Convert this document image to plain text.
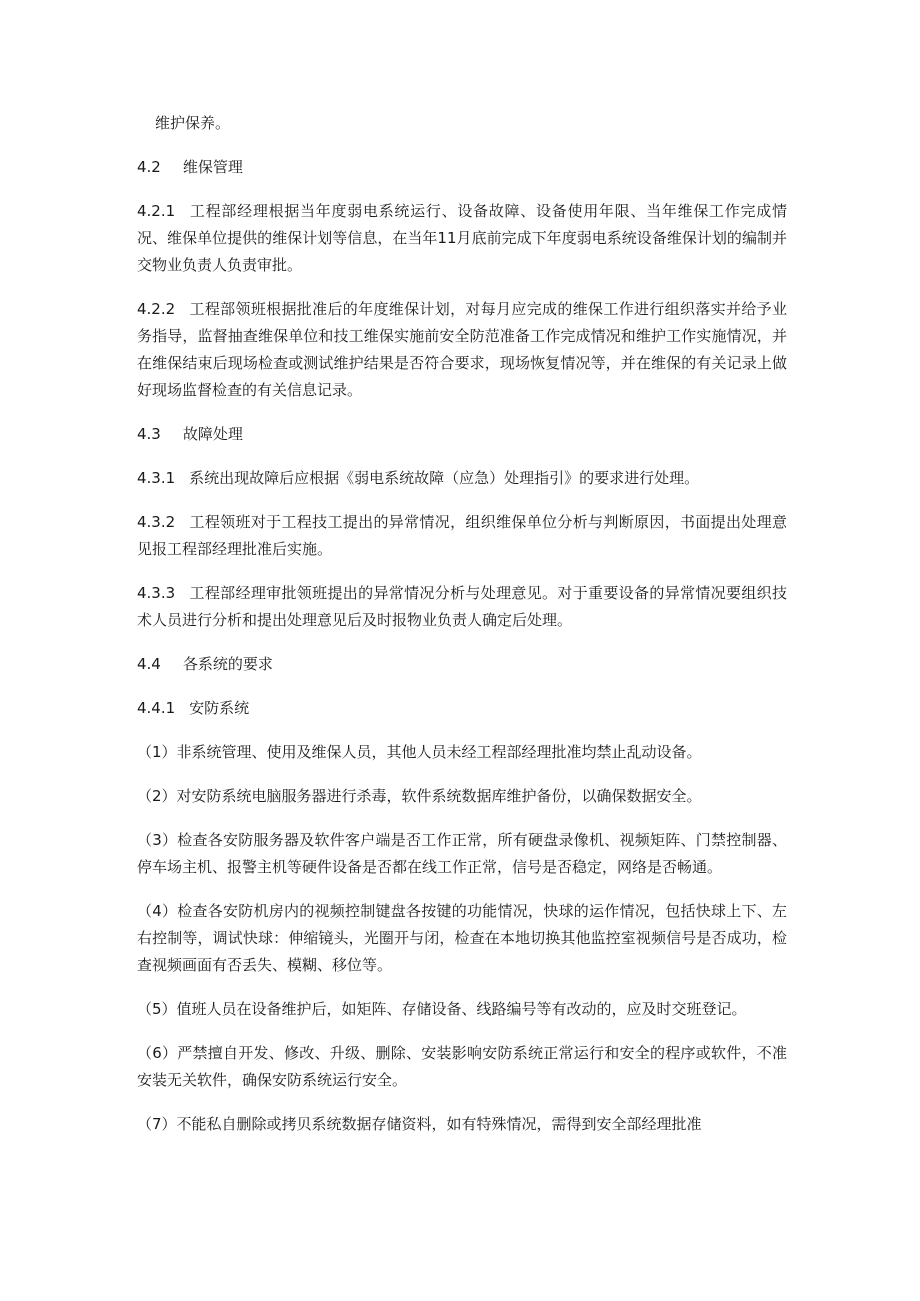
维护保养。

4.2 维保管理

4.2.1 工程部经理根据当年度弱电系统运行、设备故障、设备使用年限、当年维保工作完成情况、维保单位提供的维保计划等信息，在当年11月底前完成下年度弱电系统设备维保计划的编制并交物业负责人负责审批。

4.2.2 工程部领班根据批准后的年度维保计划，对每月应完成的维保工作进行组织落实并给予业务指导，监督抽查维保单位和技工维保实施前安全防范准备工作完成情况和维护工作实施情况，并在维保结束后现场检查或测试维护结果是否符合要求，现场恢复情况等，并在维保的有关记录上做好现场监督检查的有关信息记录。

4.3 故障处理

4.3.1 系统出现故障后应根据《弱电系统故障（应急）处理指引》的要求进行处理。

4.3.2 工程领班对于工程技工提出的异常情况，组织维保单位分析与判断原因，书面提出处理意见报工程部经理批准后实施。

4.3.3 工程部经理审批领班提出的异常情况分析与处理意见。对于重要设备的异常情况要组织技术人员进行分析和提出处理意见后及时报物业负责人确定后处理。

4.4 各系统的要求

4.4.1 安防系统

（1）非系统管理、使用及维保人员，其他人员未经工程部经理批准均禁止乱动设备。

（2）对安防系统电脑服务器进行杀毒，软件系统数据库维护备份，以确保数据安全。

（3）检查各安防服务器及软件客户端是否工作正常，所有硬盘录像机、视频矩阵、门禁控制器、停车场主机、报警主机等硬件设备是否都在线工作正常，信号是否稳定，网络是否畅通。

（4）检查各安防机房内的视频控制键盘各按键的功能情况，快球的运作情况，包括快球上下、左右控制等，调试快球：伸缩镜头，光圈开与闭，检查在本地切换其他监控室视频信号是否成功，检查视频画面有否丢失、模糊、移位等。

（5）值班人员在设备维护后，如矩阵、存储设备、线路编号等有改动的，应及时交班登记。

（6）严禁擅自开发、修改、升级、删除、安装影响安防系统正常运行和安全的程序或软件，不准安装无关软件，确保安防系统运行安全。

（7）不能私自删除或拷贝系统数据存储资料，如有特殊情况，需得到安全部经理批准
